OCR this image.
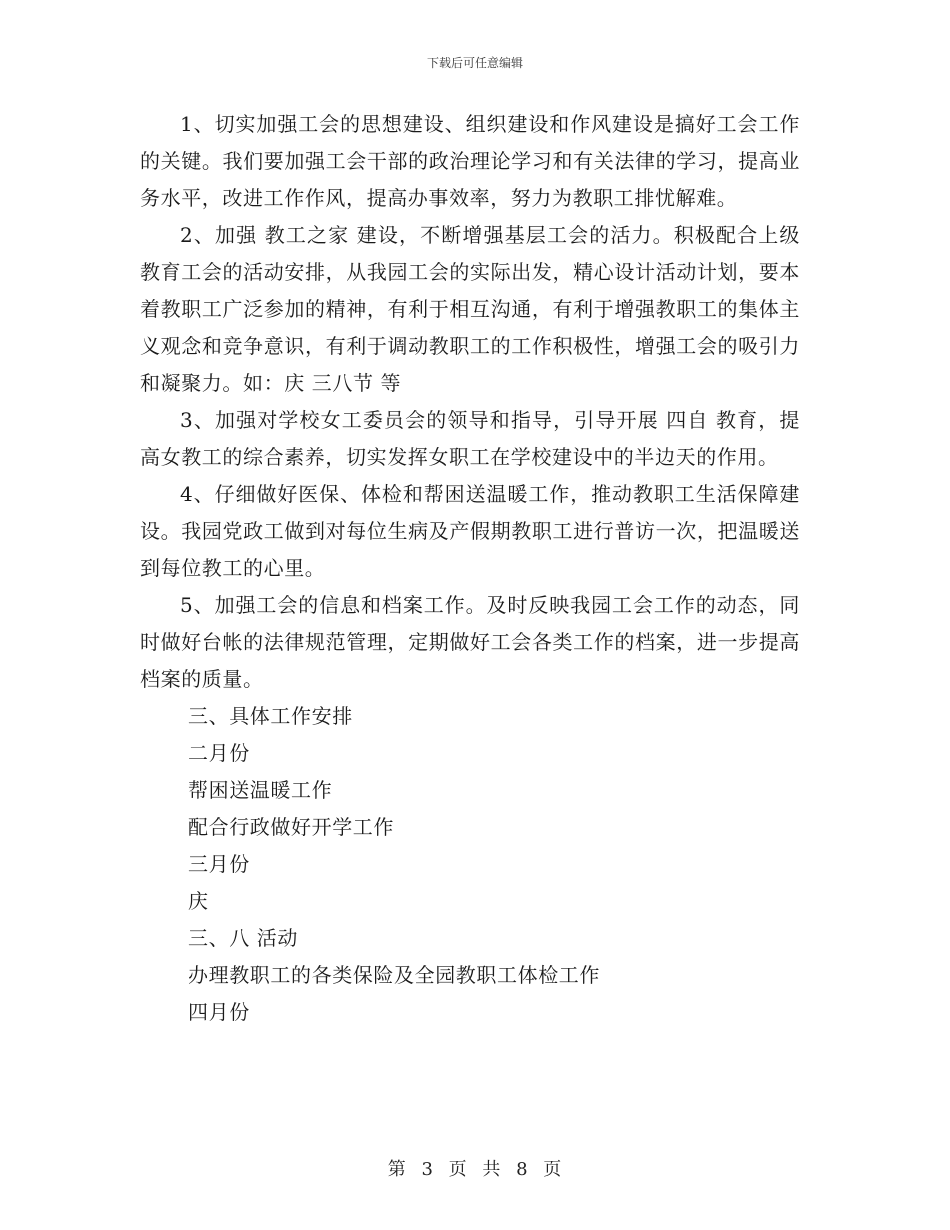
下载后可任意编辑

1、切实加强工会的思想建设、组织建设和作风建设是搞好工会工作的关键。我们要加强工会干部的政治理论学习和有关法律的学习，提高业务水平，改进工作作风，提高办事效率，努力为教职工排忧解难。

2、加强 教工之家 建设，不断增强基层工会的活力。积极配合上级教育工会的活动安排，从我园工会的实际出发，精心设计活动计划，要本着教职工广泛参加的精神，有利于相互沟通，有利于增强教职工的集体主义观念和竞争意识，有利于调动教职工的工作积极性，增强工会的吸引力和凝聚力。如：庆 三八节 等

3、加强对学校女工委员会的领导和指导，引导开展 四自 教育，提高女教工的综合素养，切实发挥女职工在学校建设中的半边天的作用。

4、仔细做好医保、体检和帮困送温暖工作，推动教职工生活保障建设。我园党政工做到对每位生病及产假期教职工进行普访一次，把温暖送到每位教工的心里。

5、加强工会的信息和档案工作。及时反映我园工会工作的动态，同时做好台帐的法律规范管理，定期做好工会各类工作的档案，进一步提高档案的质量。

三、具体工作安排

二月份

帮困送温暖工作

配合行政做好开学工作

三月份

庆

三、八 活动

办理教职工的各类保险及全园教职工体检工作

四月份

第 3 页 共 8 页
